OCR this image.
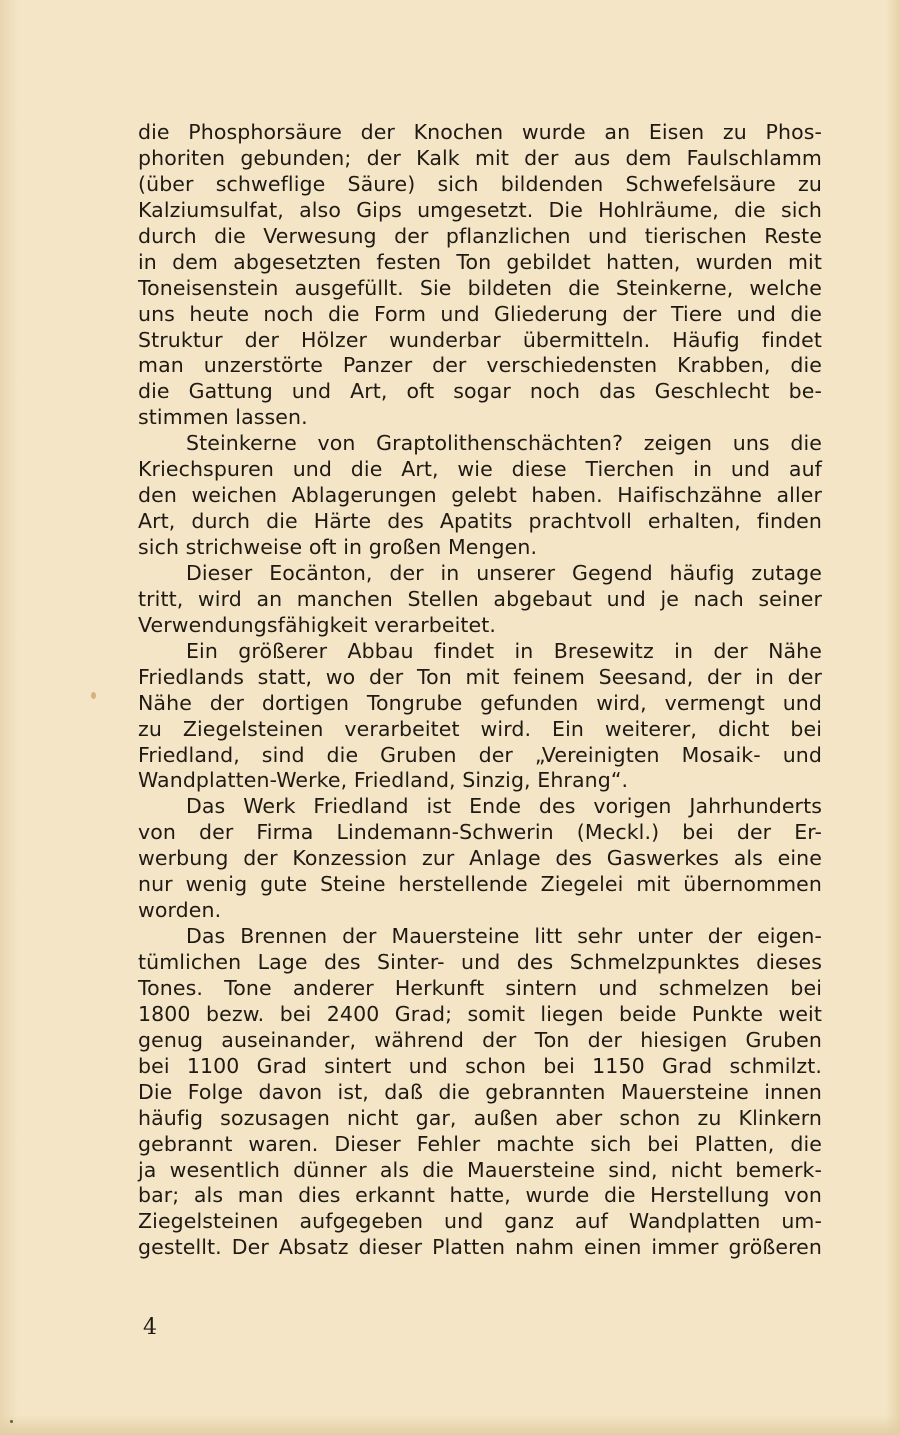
die Phosphorsäure der Knochen wurde an Eisen zu Phos-
phoriten gebunden; der Kalk mit der aus dem Faulschlamm
(über schweflige Säure) sich bildenden Schwefelsäure zu
Kalziumsulfat, also Gips umgesetzt. Die Hohlräume, die sich
durch die Verwesung der pflanzlichen und tierischen Reste
in dem abgesetzten festen Ton gebildet hatten, wurden mit
Toneisenstein ausgefüllt. Sie bildeten die Steinkerne, welche
uns heute noch die Form und Gliederung der Tiere und die
Struktur der Hölzer wunderbar übermitteln. Häufig findet
man unzerstörte Panzer der verschiedensten Krabben, die
die Gattung und Art, oft sogar noch das Geschlecht be-
stimmen lassen.
Steinkerne von Graptolithenschächten? zeigen uns die
Kriechspuren und die Art, wie diese Tierchen in und auf
den weichen Ablagerungen gelebt haben. Haifischzähne aller
Art, durch die Härte des Apatits prachtvoll erhalten, finden
sich strichweise oft in großen Mengen.
Dieser Eocänton, der in unserer Gegend häufig zutage
tritt, wird an manchen Stellen abgebaut und je nach seiner
Verwendungsfähigkeit verarbeitet.
Ein größerer Abbau findet in Bresewitz in der Nähe
Friedlands statt, wo der Ton mit feinem Seesand, der in der
Nähe der dortigen Tongrube gefunden wird, vermengt und
zu Ziegelsteinen verarbeitet wird. Ein weiterer, dicht bei
Friedland, sind die Gruben der „Vereinigten Mosaik- und
Wandplatten-Werke, Friedland, Sinzig, Ehrang“.
Das Werk Friedland ist Ende des vorigen Jahrhunderts
von der Firma Lindemann-Schwerin (Meckl.) bei der Er-
werbung der Konzession zur Anlage des Gaswerkes als eine
nur wenig gute Steine herstellende Ziegelei mit übernommen
worden.
Das Brennen der Mauersteine litt sehr unter der eigen-
tümlichen Lage des Sinter- und des Schmelzpunktes dieses
Tones. Tone anderer Herkunft sintern und schmelzen bei
1800 bezw. bei 2400 Grad; somit liegen beide Punkte weit
genug auseinander, während der Ton der hiesigen Gruben
bei 1100 Grad sintert und schon bei 1150 Grad schmilzt.
Die Folge davon ist, daß die gebrannten Mauersteine innen
häufig sozusagen nicht gar, außen aber schon zu Klinkern
gebrannt waren. Dieser Fehler machte sich bei Platten, die
ja wesentlich dünner als die Mauersteine sind, nicht bemerk-
bar; als man dies erkannt hatte, wurde die Herstellung von
Ziegelsteinen aufgegeben und ganz auf Wandplatten um-
gestellt. Der Absatz dieser Platten nahm einen immer größeren
4
